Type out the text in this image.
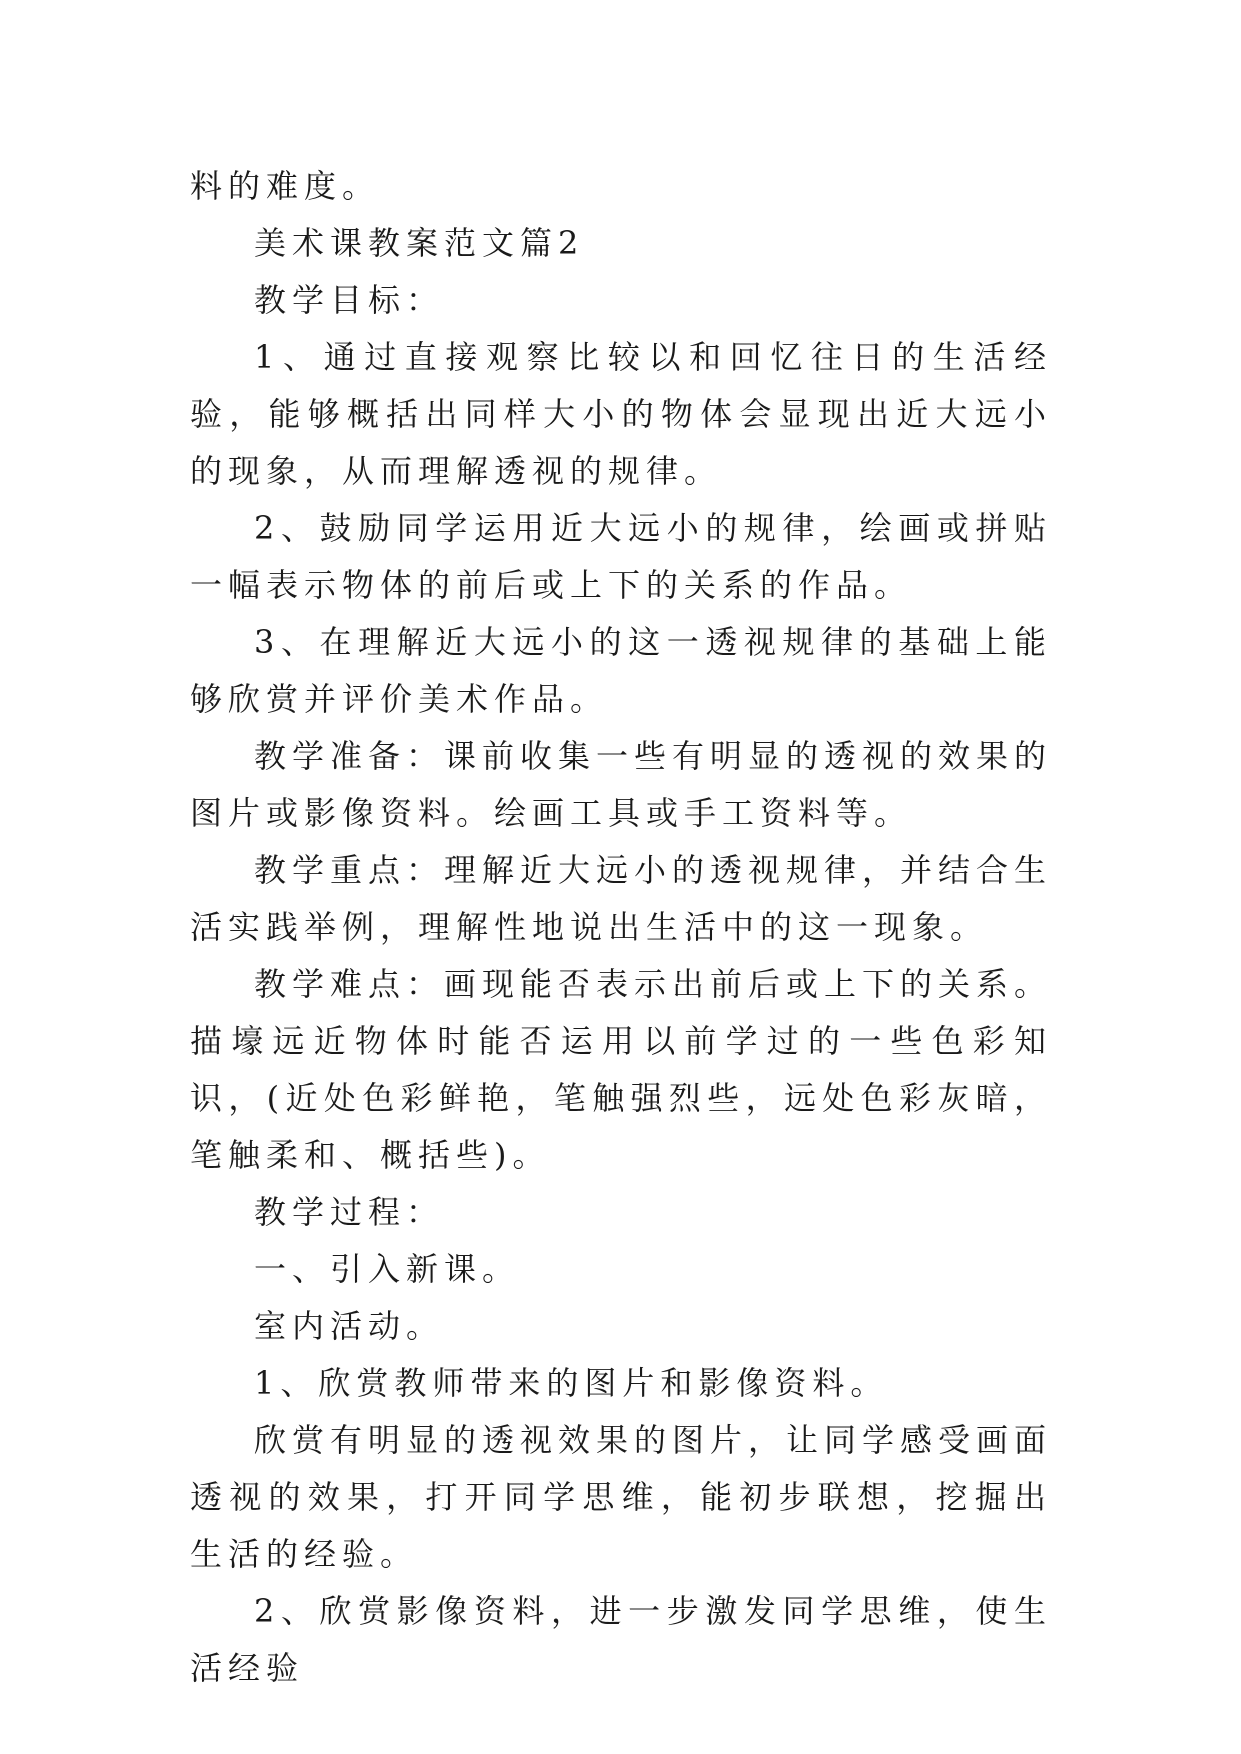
料的难度。

美术课教案范文篇2

教学目标：

1、通过直接观察比较以和回忆往日的生活经验，能够概括出同样大小的物体会显现出近大远小的现象，从而理解透视的规律。

2、鼓励同学运用近大远小的规律，绘画或拼贴一幅表示物体的前后或上下的关系的作品。

3、在理解近大远小的这一透视规律的基础上能够欣赏并评价美术作品。

教学准备：课前收集一些有明显的透视的效果的图片或影像资料。绘画工具或手工资料等。

教学重点：理解近大远小的透视规律，并结合生活实践举例，理解性地说出生活中的这一现象。

教学难点：画现能否表示出前后或上下的关系。描壕远近物体时能否运用以前学过的一些色彩知识，(近处色彩鲜艳，笔触强烈些，远处色彩灰暗，笔触柔和、概括些)。

教学过程：

一、引入新课。

室内活动。

1、欣赏教师带来的图片和影像资料。

欣赏有明显的透视效果的图片，让同学感受画面透视的效果，打开同学思维，能初步联想，挖掘出生活的经验。

2、欣赏影像资料，进一步激发同学思维，使生活经验
